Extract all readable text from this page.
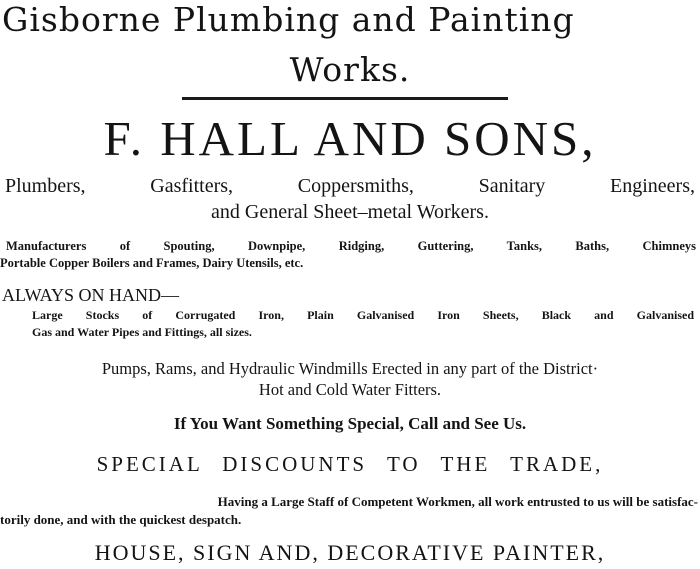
Gisborne Plumbing and Painting
Works.
F. HALL AND SONS,
Plumbers, Gasfitters, Coppersmiths, Sanitary Engineers,
and General Sheet–metal Workers.
Manufacturers of Spouting, Downpipe, Ridging, Guttering, Tanks, Baths, Chimneys
Portable Copper Boilers and Frames, Dairy Utensils, etc.
ALWAYS ON HAND—
Large Stocks of Corrugated Iron, Plain Galvanised Iron Sheets, Black and Galvanised
Gas and Water Pipes and Fittings, all sizes.
Pumps, Rams, and Hydraulic Windmills Erected in any part of the District·
Hot and Cold Water Fitters.
If You Want Something Special, Call and See Us.
SPECIAL DISCOUNTS TO THE TRADE,
Having a Large Staff of Competent Workmen, all work entrusted to us will be satisfac-
torily done, and with the quickest despatch.
HOUSE, SIGN AND, DECORATIVE PAINTER,
